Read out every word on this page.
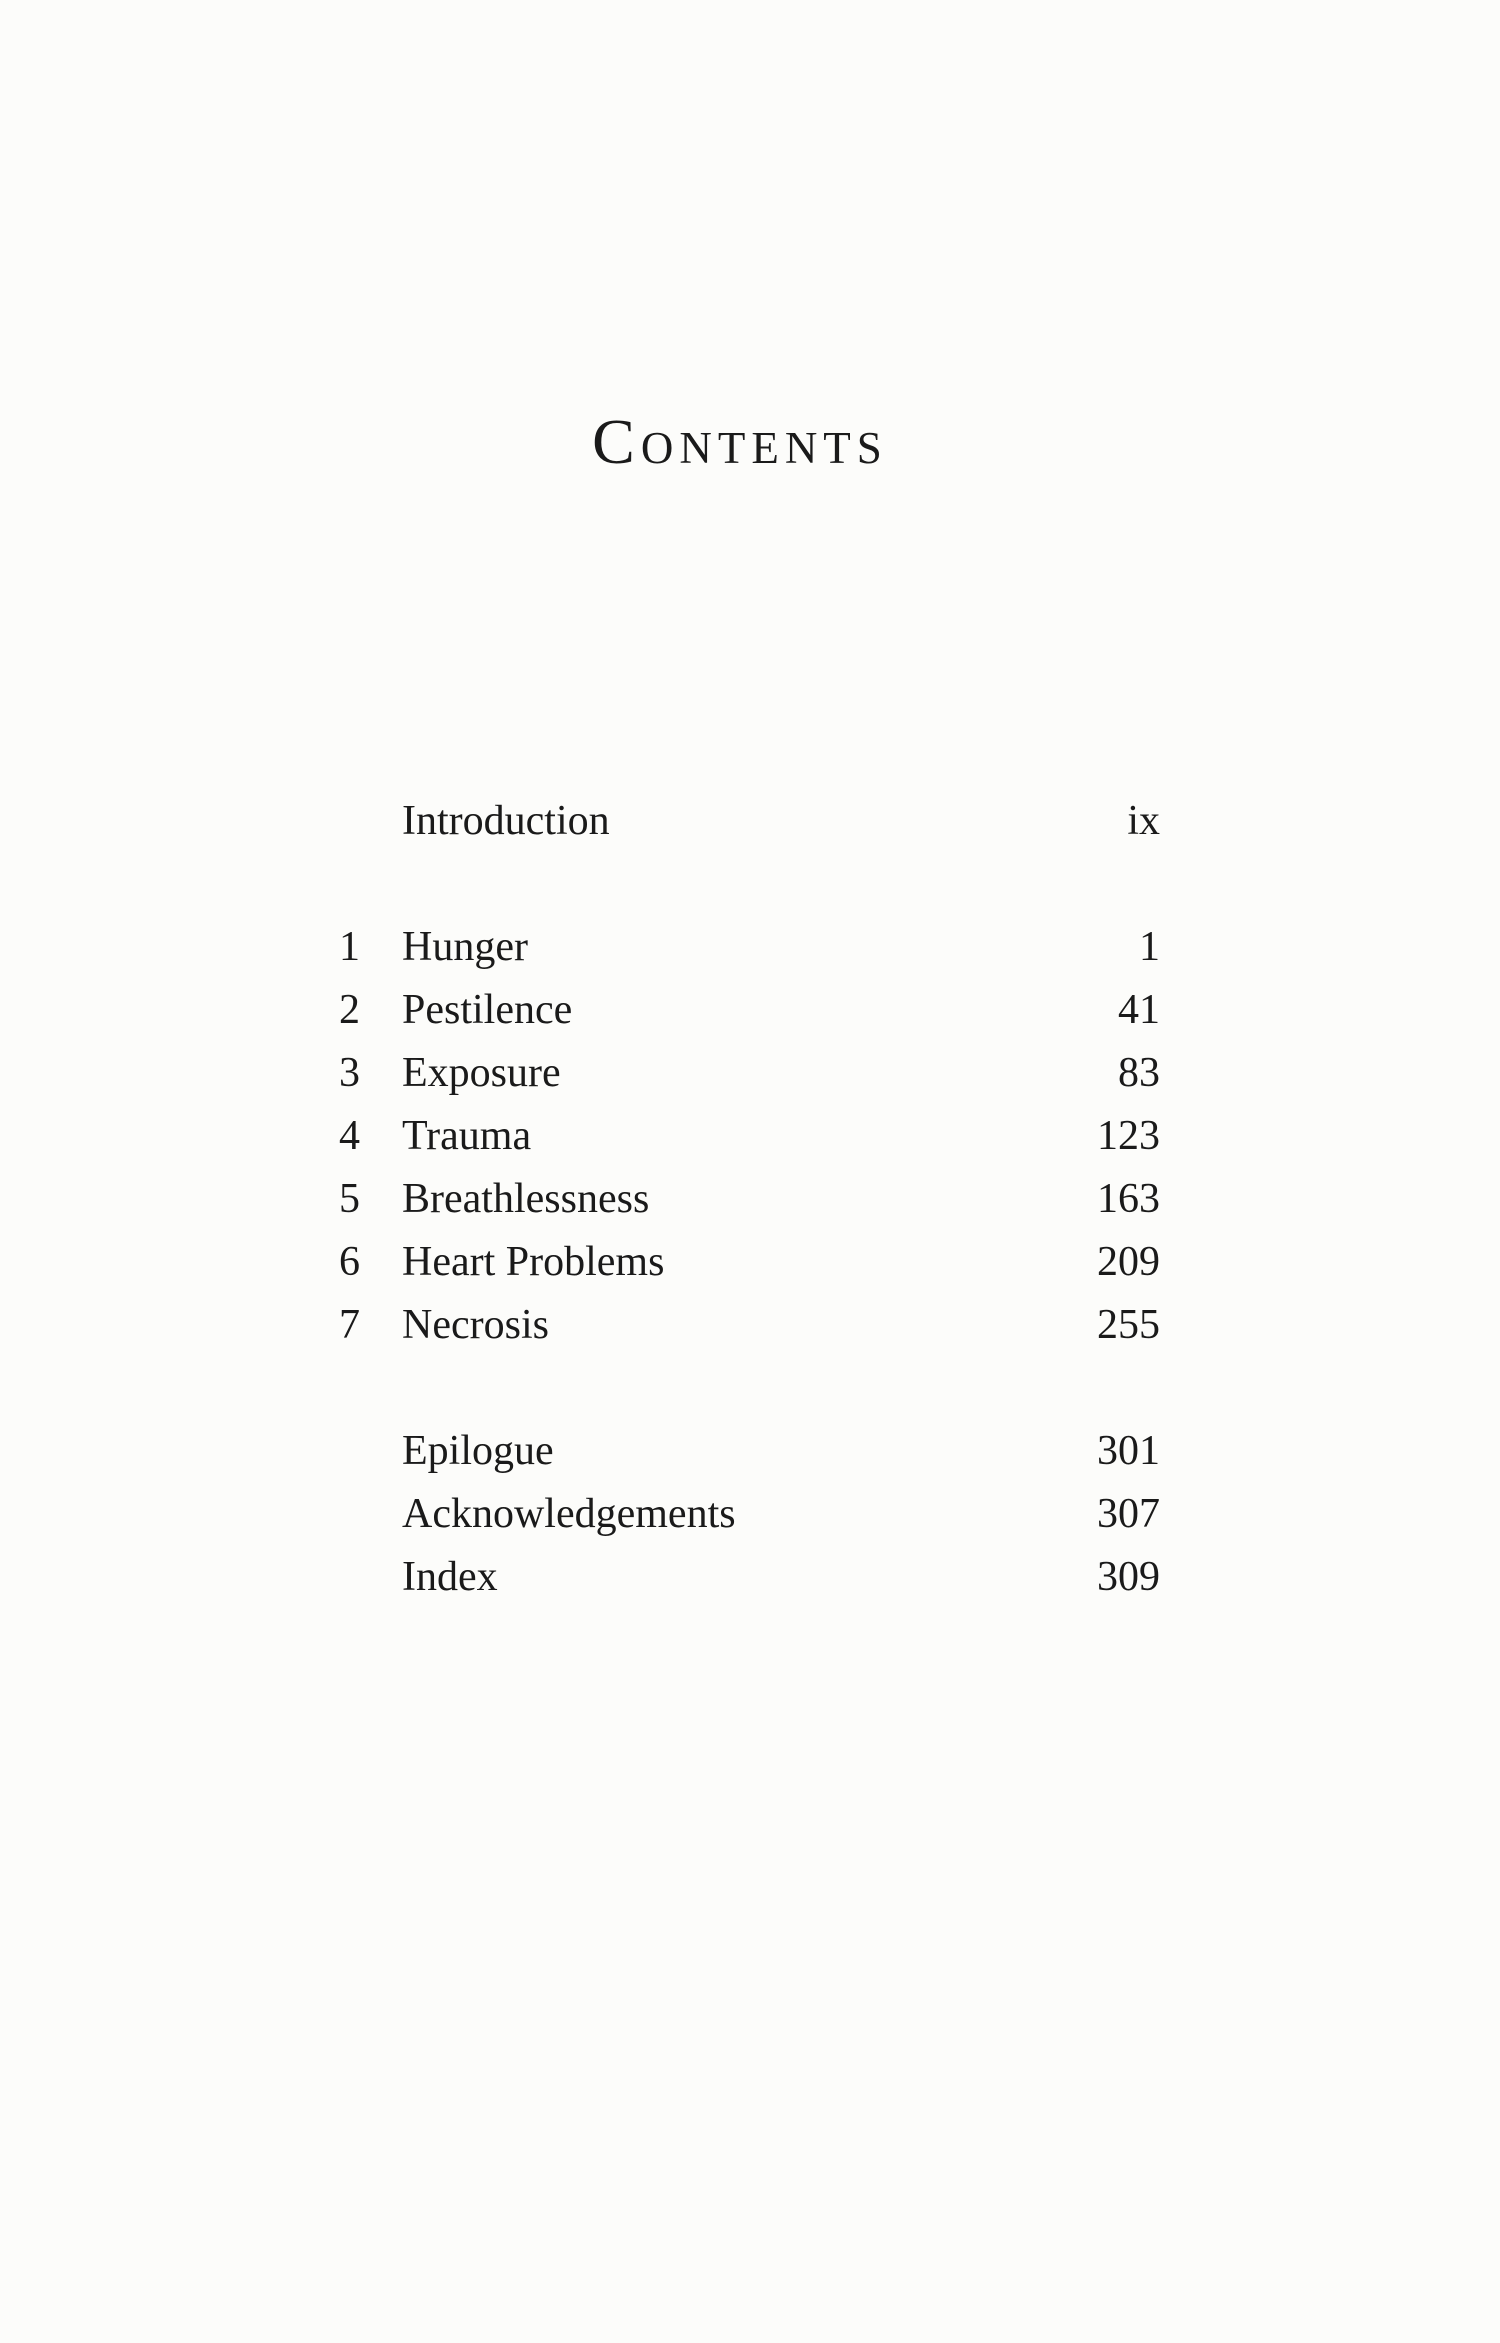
Contents
Introduction	ix
1 Hunger	1
2 Pestilence	41
3 Exposure	83
4 Trauma	123
5 Breathlessness	163
6 Heart Problems	209
7 Necrosis	255
Epilogue	301
Acknowledgements	307
Index	309
